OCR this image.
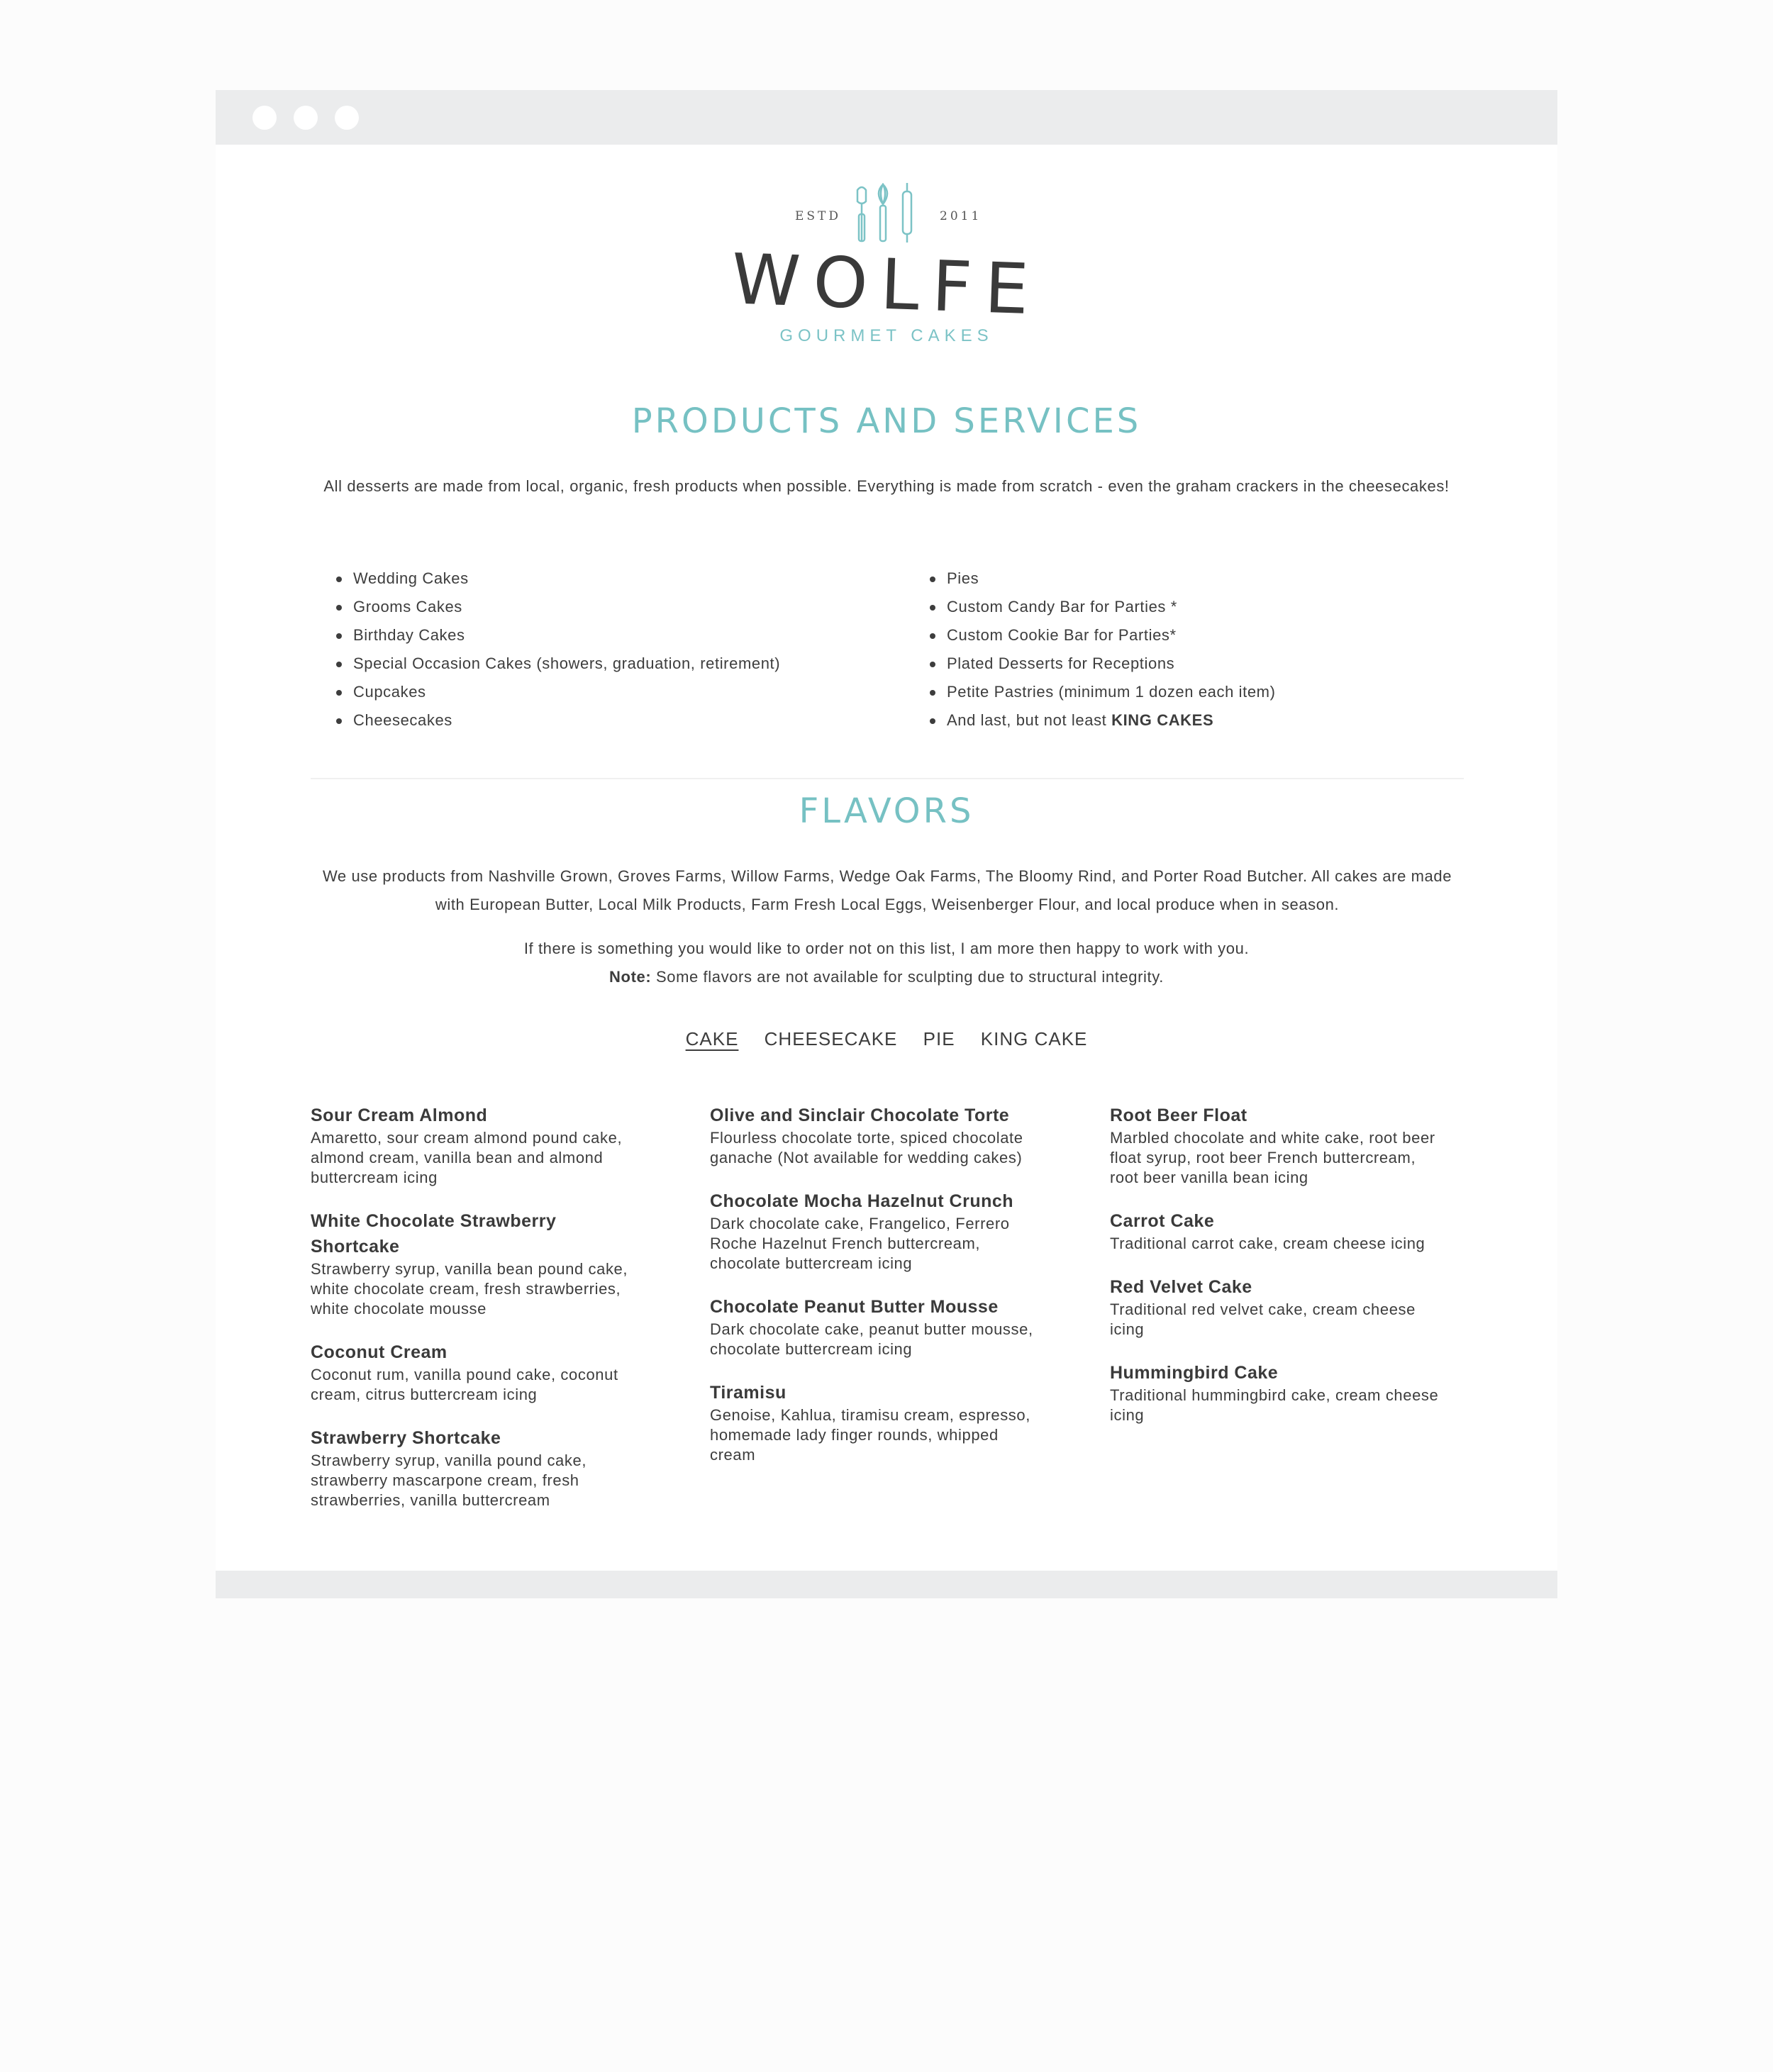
ESTD	2011
WOLFE
GOURMET CAKES
PRODUCTS AND SERVICES

All desserts are made from local, organic, fresh products when possible. Everything is made from scratch - even the graham crackers in the cheesecakes!

Wedding Cakes
Grooms Cakes
Birthday Cakes
Special Occasion Cakes (showers, graduation, retirement)
Cupcakes
Cheesecakes
Pies
Custom Candy Bar for Parties *
Custom Cookie Bar for Parties*
Plated Desserts for Receptions
Petite Pastries (minimum 1 dozen each item)
And last, but not least KING CAKES
FLAVORS

We use products from Nashville Grown, Groves Farms, Willow Farms, Wedge Oak Farms, The Bloomy Rind, and Porter Road Butcher. All cakes are made with European Butter, Local Milk Products, Farm Fresh Local Eggs, Weisenberger Flour, and local produce when in season.

If there is something you would like to order not on this list, I am more then happy to work with you.

Note: Some flavors are not available for sculpting due to structural integrity.

CAKE CHEESECAKE PIE KING CAKE
Sour Cream Almond
Amaretto, sour cream almond pound cake, almond cream, vanilla bean and almond buttercream icing
White Chocolate Strawberry Shortcake
Strawberry syrup, vanilla bean pound cake, white chocolate cream, fresh strawberries, white chocolate mousse
Coconut Cream
Coconut rum, vanilla pound cake, coconut cream, citrus buttercream icing
Strawberry Shortcake
Strawberry syrup, vanilla pound cake, strawberry mascarpone cream, fresh strawberries, vanilla buttercream
Olive and Sinclair Chocolate Torte
Flourless chocolate torte, spiced chocolate ganache (Not available for wedding cakes)
Chocolate Mocha Hazelnut Crunch
Dark chocolate cake, Frangelico, Ferrero Roche Hazelnut French buttercream, chocolate buttercream icing
Chocolate Peanut Butter Mousse
Dark chocolate cake, peanut butter mousse, chocolate buttercream icing
Tiramisu
Genoise, Kahlua, tiramisu cream, espresso, homemade lady finger rounds, whipped cream
Root Beer Float
Marbled chocolate and white cake, root beer float syrup, root beer French buttercream, root beer vanilla bean icing
Carrot Cake
Traditional carrot cake, cream cheese icing
Red Velvet Cake
Traditional red velvet cake, cream cheese icing
Hummingbird Cake
Traditional hummingbird cake, cream cheese icing
